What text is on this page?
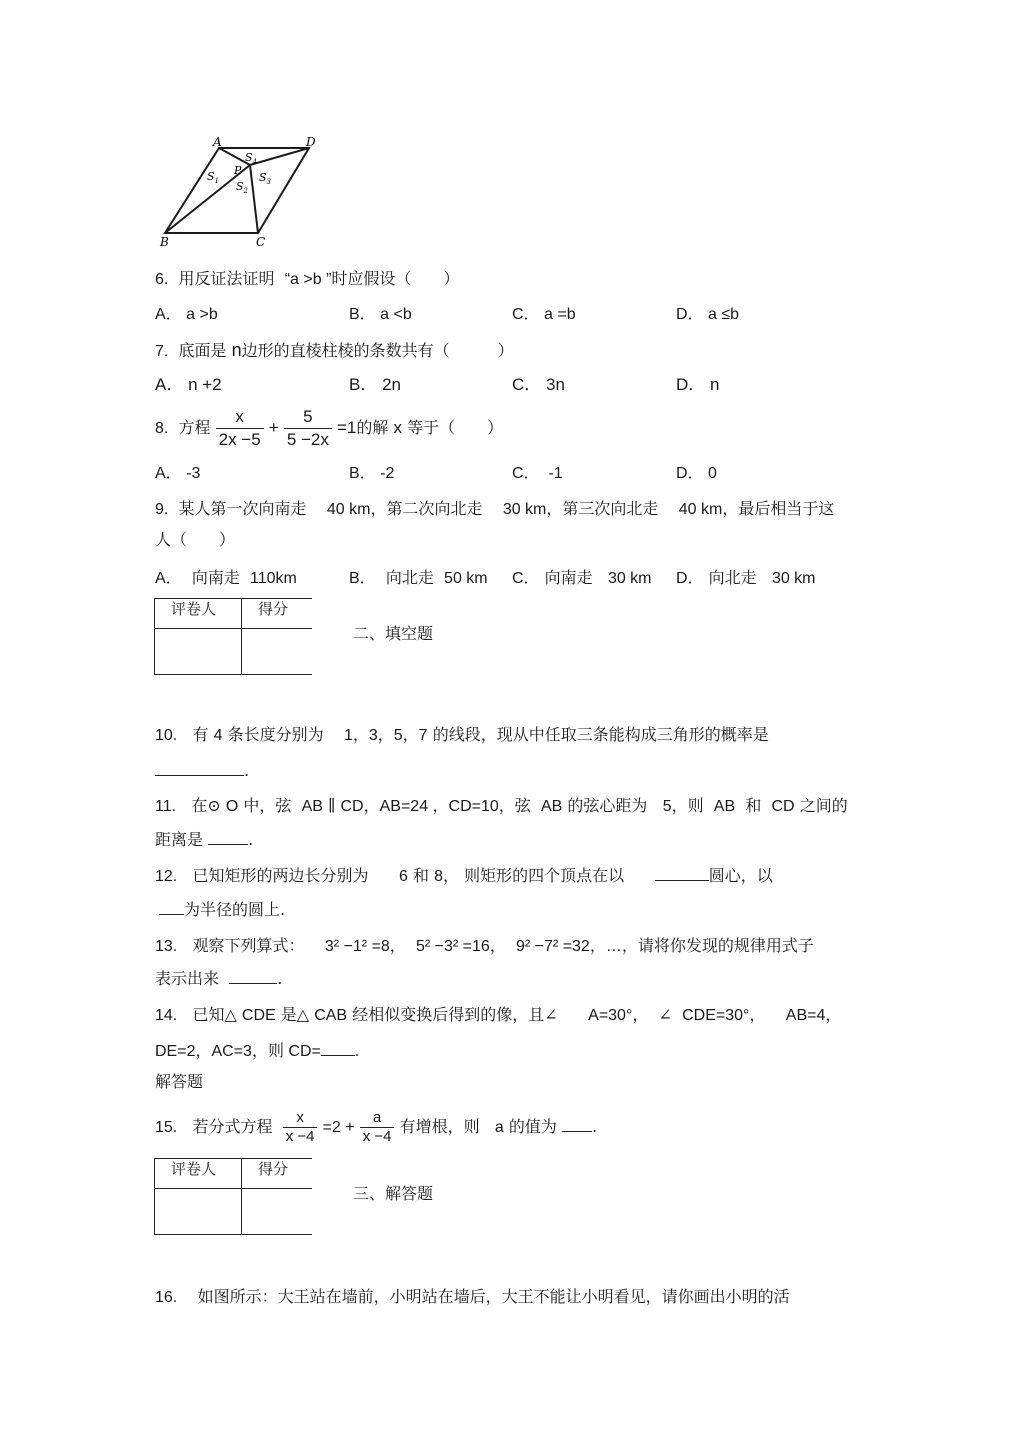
A	D
B	C
P
$S_4$
$S_1$ $S_2$
$S_3$
6. 用反证法证明 “a >b ”时应假设（　　）
A． a >b	B． a <b	C． a =b	D． a ≤b
7. 底面是 n边形的直棱柱棱的条数共有（　　　）
A． n +2	B． 2n	C． 3n	D． n
8. 方程 $\frac{x}{2x -5} + \frac{5}{5 -2x} =1$的解 x 等于（　　）
A． -3	B． -2	C． -1	D． 0
9. 某人第一次向南走 40 km，第二次向北走 30 km，第三次向北走 40 km，最后相当于这
人（　　）
A． 向南走 110km	B． 向北走 50 km C． 向南走 30 km D． 向北走 30 km
评卷人	得分

二、填空题
10. 有 4 条长度分别为 1，3，5，7 的线段，现从中任取三条能构成三角形的概率是
.
11. 在⊙ O 中，弦 AB ∥ CD，AB=24 ，CD=10，弦 AB 的弦心距为 5，则 AB 和 CD 之间的
距离是	.
12. 已知矩形的两边长分别为 6 和 8， 则矩形的四个顶点在以	圆心，以
为半径的圆上.
13. 观察下列算式： 3² −1² =8， 5² −3² =16， 9² −7² =32，…，请将你发现的规律用式子
表示出来	.
14. 已知△ CDE 是△ CAB 经相似变换后得到的像，且∠ A=30°， ∠ CDE=30°， AB=4，
DE=2，AC=3，则 CD= .
解答题
15. 若分式方程 $\frac{x}{x -4} =2 + \frac{a}{x -4}$ 有增根，则 a 的值为 .
评卷人	得分

三、解答题
16. 如图所示：大王站在墙前，小明站在墙后，大王不能让小明看见，请你画出小明的活
